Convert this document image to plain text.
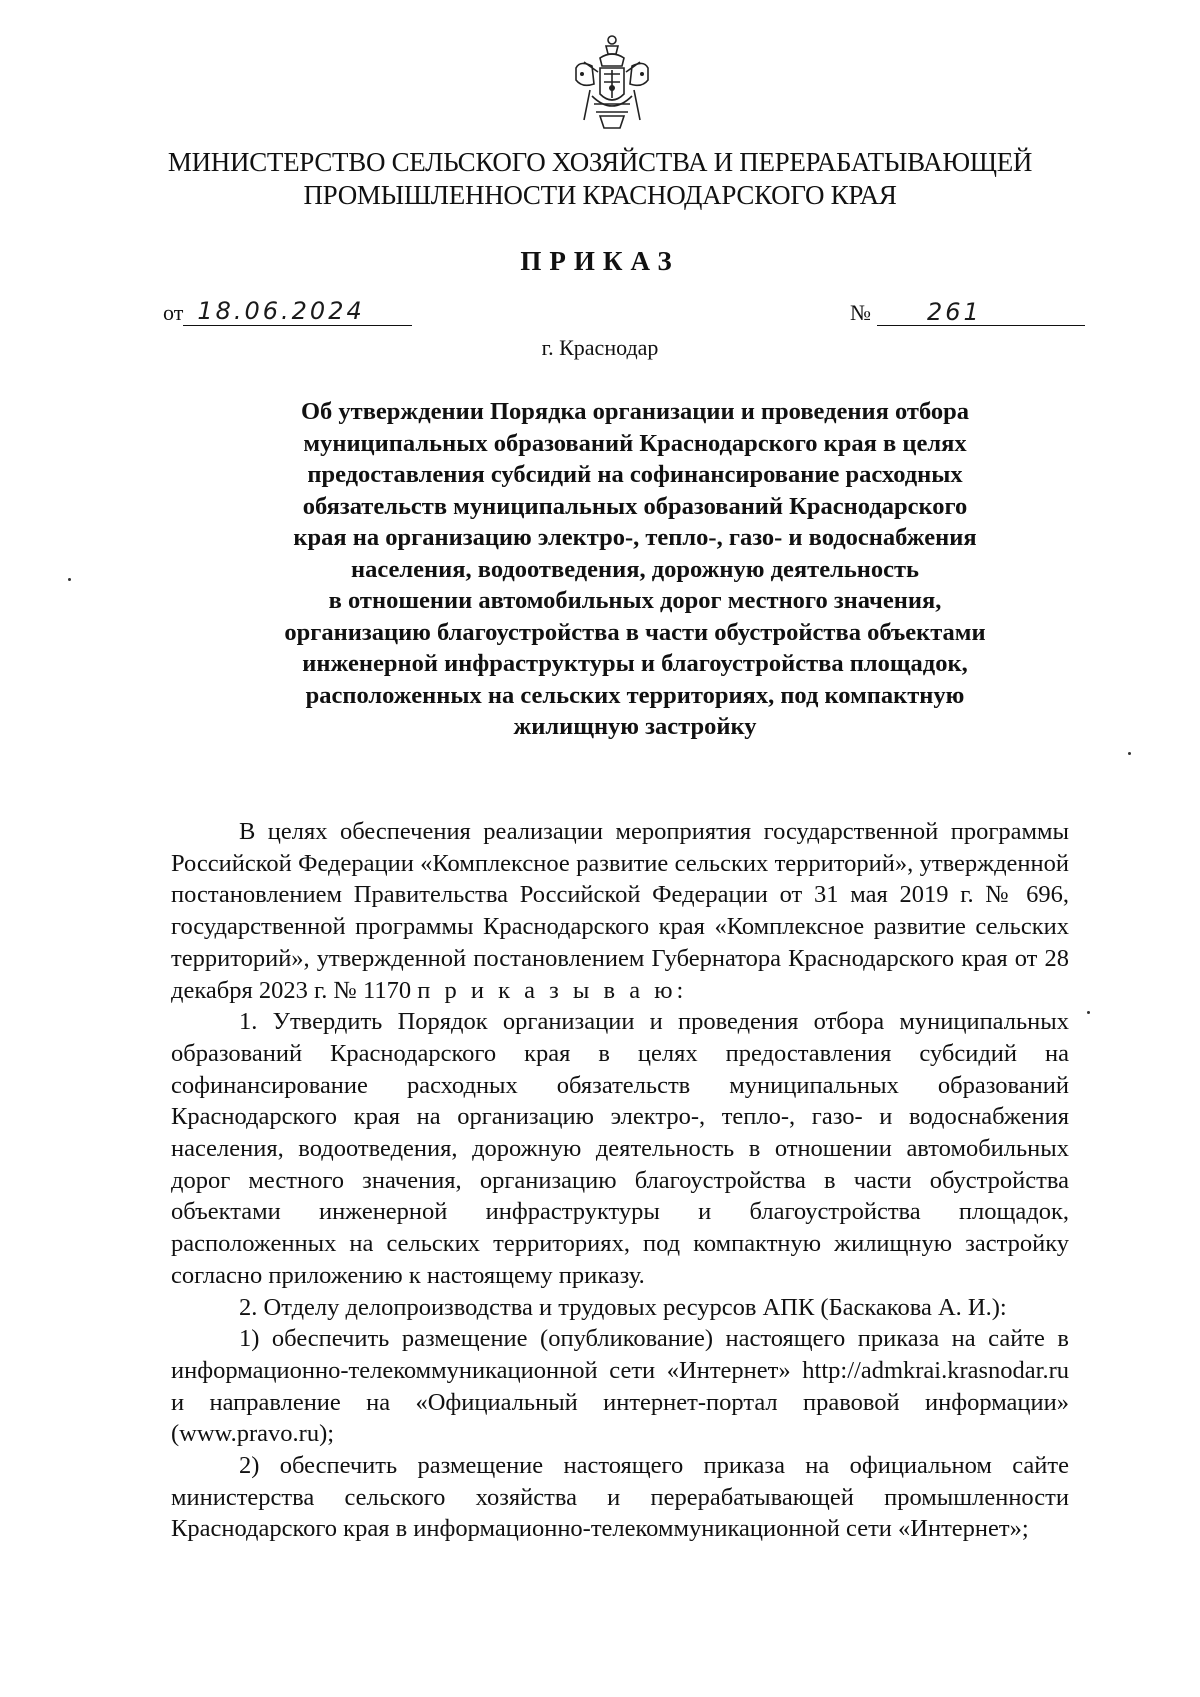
МИНИСТЕРСТВО СЕЛЬСКОГО ХОЗЯЙСТВА И ПЕРЕРАБАТЫВАЮЩЕЙ
ПРОМЫШЛЕННОСТИ КРАСНОДАРСКОГО КРАЯ
ПРИКАЗ
от 18.06.2024	№	261
г. Краснодар
Об утверждении Порядка организации и проведения отбора
муниципальных образований Краснодарского края в целях
предоставления субсидий на софинансирование расходных
обязательств муниципальных образований Краснодарского
края на организацию электро-, тепло-, газо- и водоснабжения
населения, водоотведения, дорожную деятельность
в отношении автомобильных дорог местного значения,
организацию благоустройства в части обустройства объектами
инженерной инфраструктуры и благоустройства площадок,
расположенных на сельских территориях, под компактную
жилищную застройку

В целях обеспечения реализации мероприятия государственной программы Российской Федерации «Комплексное развитие сельских территорий», утвержденной постановлением Правительства Российской Федерации от 31 мая 2019 г. № 696, государственной программы Краснодарского края «Комплексное развитие сельских территорий», утвержденной постановлением Губернатора Краснодарского края от 28 декабря 2023 г. № 1170 п р и к а з ы в а ю:

1. Утвердить Порядок организации и проведения отбора муниципальных образований Краснодарского края в целях предоставления субсидий на софинансирование расходных обязательств муниципальных образований Краснодарского края на организацию электро-, тепло-, газо- и водоснабжения населения, водоотведения, дорожную деятельность в отношении автомобильных дорог местного значения, организацию благоустройства в части обустройства объектами инженерной инфраструктуры и благоустройства площадок, расположенных на сельских территориях, под компактную жилищную застройку согласно приложению к настоящему приказу.

2. Отделу делопроизводства и трудовых ресурсов АПК (Баскакова А. И.):

1) обеспечить размещение (опубликование) настоящего приказа на сайте в информационно-телекоммуникационной сети «Интернет» http://admkrai.krasnodar.ru и направление на «Официальный интернет-портал правовой информации» (www.pravo.ru);

2) обеспечить размещение настоящего приказа на официальном сайте министерства сельского хозяйства и перерабатывающей промышленности Краснодарского края в информационно-телекоммуникационной сети «Интернет»;
